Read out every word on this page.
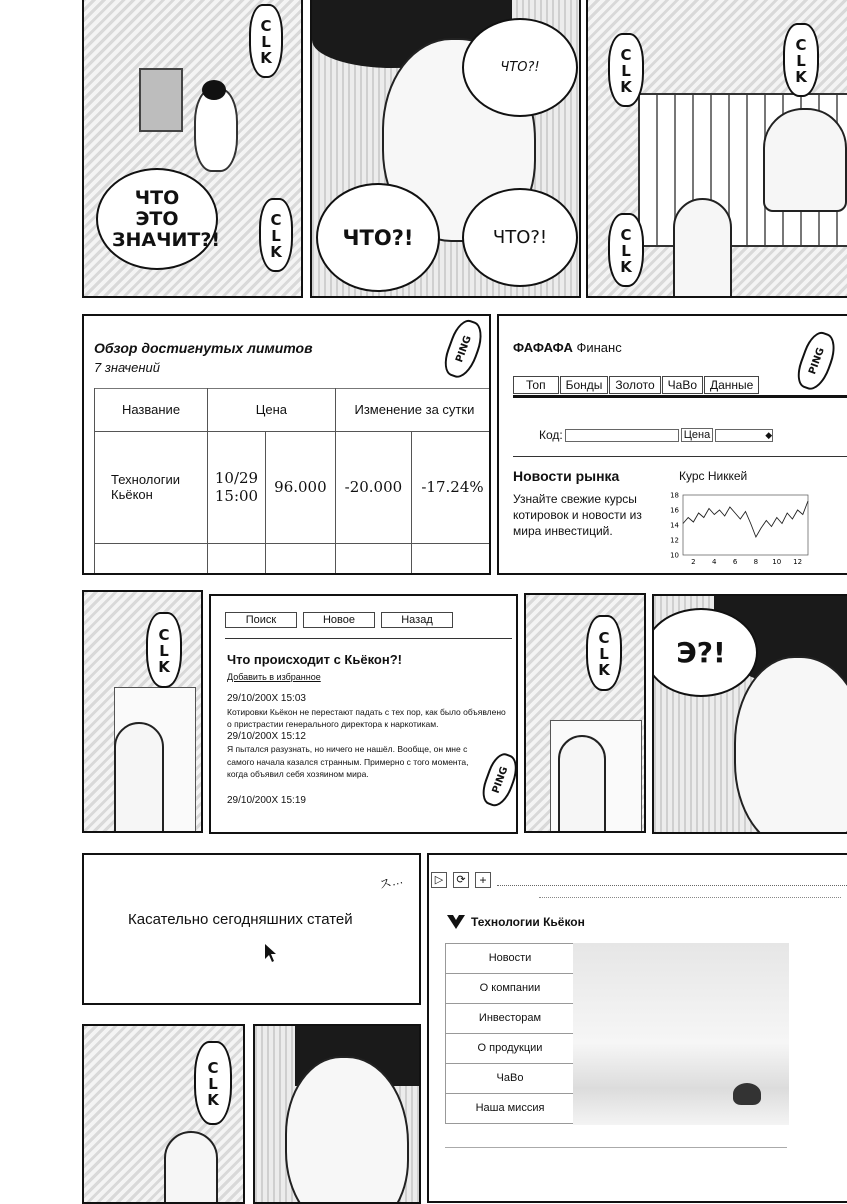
ЧТО ЭТО ЗНАЧИТ?!
CLK
CLK
ЧТО?!
ЧТО?!	ЧТО?!
CLK	CLK
CLK
Обзор достигнутых лимитов
7 значений
PING
Название	Цена		Изменение за сутки	
Технологии Кьёкон	10/29 15:00	96.000	-20.000	-17.24%

ФАФАФА Финанс	PING
Топ	Бонды	Золото	ЧаВо	Данные
Код:	Цена	◆
Новости рынка
Узнайте свежие курсы котировок и новости из мира инвестиций.
Курс Никкей
18
16
14
12
10
2 4 6 8 10 12
CLK
Поиск	Новое	Назад
Что происходит с Кьёкон?!
Добавить в избранное
29/10/200X 15:03
Котировки Кьёкон не перестают падать с тех пор, как было объявлено о пристрастии генерального директора к наркотикам.
29/10/200X 15:12
Я пытался разузнать, но ничего не нашёл. Вообще, он мне с самого начала казался странным. Примерно с того момента, когда объявил себя хозяином мира.
29/10/200X 15:19
PING
CLK Э?!
Касательно сегодняшних статей
ス…	▷	⟳	+
Технологии Кьёкон
Новости
О компании
Инвесторам
О продукции
ЧаВо
Наша миссия
CLK
